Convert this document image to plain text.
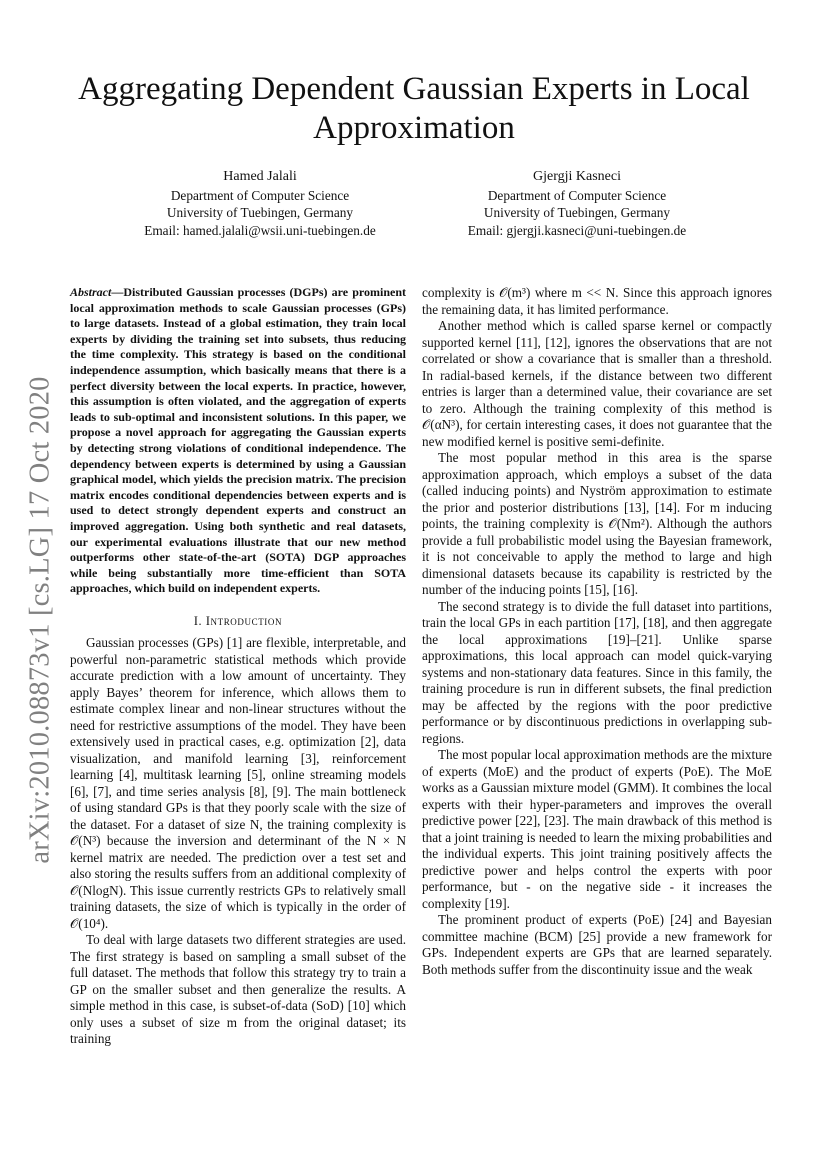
arXiv:2010.08873v1 [cs.LG] 17 Oct 2020
Aggregating Dependent Gaussian Experts in Local Approximation
Hamed Jalali
Department of Computer Science
University of Tuebingen, Germany
Email: hamed.jalali@wsii.uni-tuebingen.de
Gjergji Kasneci
Department of Computer Science
University of Tuebingen, Germany
Email: gjergji.kasneci@uni-tuebingen.de
Abstract—Distributed Gaussian processes (DGPs) are prominent local approximation methods to scale Gaussian processes (GPs) to large datasets. Instead of a global estimation, they train local experts by dividing the training set into subsets, thus reducing the time complexity. This strategy is based on the conditional independence assumption, which basically means that there is a perfect diversity between the local experts. In practice, however, this assumption is often violated, and the aggregation of experts leads to sub-optimal and inconsistent solutions. In this paper, we propose a novel approach for aggregating the Gaussian experts by detecting strong violations of conditional independence. The dependency between experts is determined by using a Gaussian graphical model, which yields the precision matrix. The precision matrix encodes conditional dependencies between experts and is used to detect strongly dependent experts and construct an improved aggregation. Using both synthetic and real datasets, our experimental evaluations illustrate that our new method outperforms other state-of-the-art (SOTA) DGP approaches while being substantially more time-efficient than SOTA approaches, which build on independent experts.
I. Introduction

Gaussian processes (GPs) [1] are flexible, interpretable, and powerful non-parametric statistical methods which provide accurate prediction with a low amount of uncertainty. They apply Bayes’ theorem for inference, which allows them to estimate complex linear and non-linear structures without the need for restrictive assumptions of the model. They have been extensively used in practical cases, e.g. optimization [2], data visualization, and manifold learning [3], reinforcement learning [4], multitask learning [5], online streaming models [6], [7], and time series analysis [8], [9]. The main bottleneck of using standard GPs is that they poorly scale with the size of the dataset. For a dataset of size N, the training complexity is 𝒪(N³) because the inversion and determinant of the N × N kernel matrix are needed. The prediction over a test set and also storing the results suffers from an additional complexity of 𝒪(NlogN). This issue currently restricts GPs to relatively small training datasets, the size of which is typically in the order of 𝒪(10⁴).

To deal with large datasets two different strategies are used. The first strategy is based on sampling a small subset of the full dataset. The methods that follow this strategy try to train a GP on the smaller subset and then generalize the results. A simple method in this case, is subset-of-data (SoD) [10] which only uses a subset of size m from the original dataset; its training

complexity is 𝒪(m³) where m << N. Since this approach ignores the remaining data, it has limited performance.

Another method which is called sparse kernel or compactly supported kernel [11], [12], ignores the observations that are not correlated or show a covariance that is smaller than a threshold. In radial-based kernels, if the distance between two different entries is larger than a determined value, their covariance are set to zero. Although the training complexity of this method is 𝒪(αN³), for certain interesting cases, it does not guarantee that the new modified kernel is positive semi-definite.

The most popular method in this area is the sparse approximation approach, which employs a subset of the data (called inducing points) and Nyström approximation to estimate the prior and posterior distributions [13], [14]. For m inducing points, the training complexity is 𝒪(Nm²). Although the authors provide a full probabilistic model using the Bayesian framework, it is not conceivable to apply the method to large and high dimensional datasets because its capability is restricted by the number of the inducing points [15], [16].

The second strategy is to divide the full dataset into partitions, train the local GPs in each partition [17], [18], and then aggregate the local approximations [19]–[21]. Unlike sparse approximations, this local approach can model quick-varying systems and non-stationary data features. Since in this family, the training procedure is run in different subsets, the final prediction may be affected by the regions with the poor predictive performance or by discontinuous predictions in overlapping sub-regions.

The most popular local approximation methods are the mixture of experts (MoE) and the product of experts (PoE). The MoE works as a Gaussian mixture model (GMM). It combines the local experts with their hyper-parameters and improves the overall predictive power [22], [23]. The main drawback of this method is that a joint training is needed to learn the mixing probabilities and the individual experts. This joint training positively affects the predictive power and helps control the experts with poor performance, but - on the negative side - it increases the complexity [19].

The prominent product of experts (PoE) [24] and Bayesian committee machine (BCM) [25] provide a new framework for GPs. Independent experts are GPs that are learned separately. Both methods suffer from the discontinuity issue and the weak
